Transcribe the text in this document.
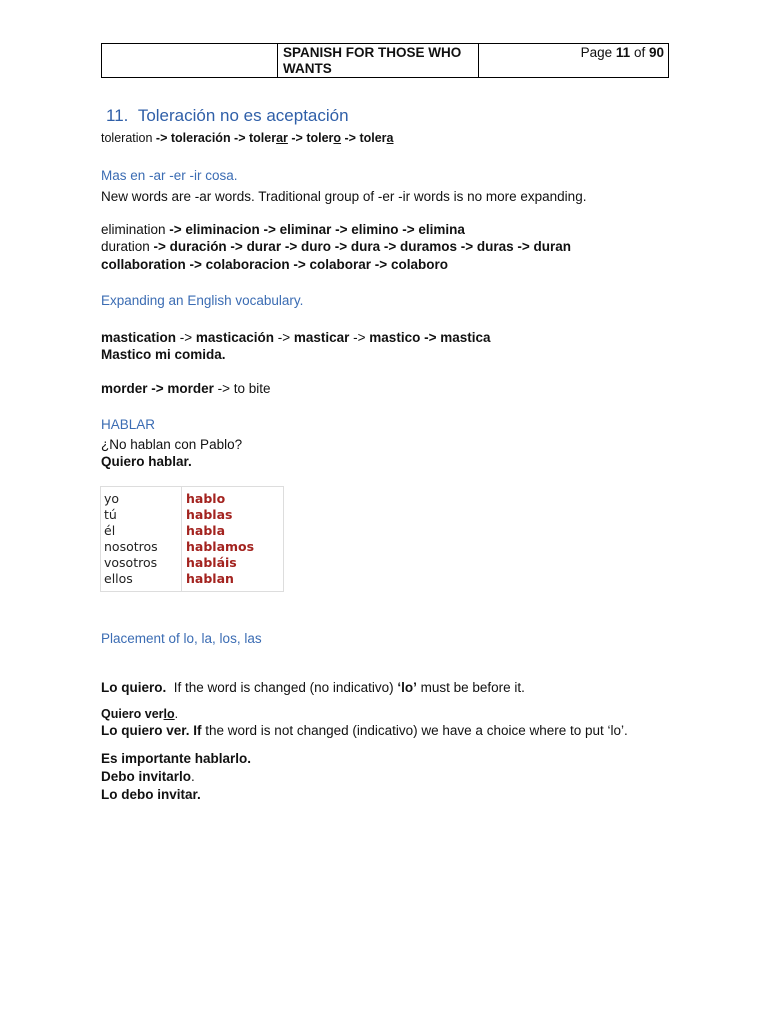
SPANISH FOR THOSE WHO
WANTS
Page 11 of 90
11. Toleración no es aceptación
toleration -> toleración -> tolerar -> tolero -> tolera
Mas en -ar -er -ir cosa.
New words are -ar words. Traditional group of -er -ir words is no more expanding.
elimination -> eliminacion -> eliminar -> elimino -> elimina
duration -> duración -> durar -> duro -> dura -> duramos -> duras -> duran
collaboration -> colaboracion -> colaborar -> colaboro
Expanding an English vocabulary.
mastication -> masticación -> masticar -> mastico -> mastica
Mastico mi comida.
morder -> morder -> to bite
HABLAR
¿No hablan con Pablo?
Quiero hablar.
yo	hablo
tú	hablas
él	habla
nosotros hablamos
vosotros habláis
ellos	hablan
Placement of lo, la, los, las
Lo quiero.  If the word is changed (no indicativo) ‘lo’ must be before it.
Quiero verlo.
Lo quiero ver. If the word is not changed (indicativo) we have a choice where to put ‘lo’.
Es importante hablarlo.
Debo invitarlo.
Lo debo invitar.
